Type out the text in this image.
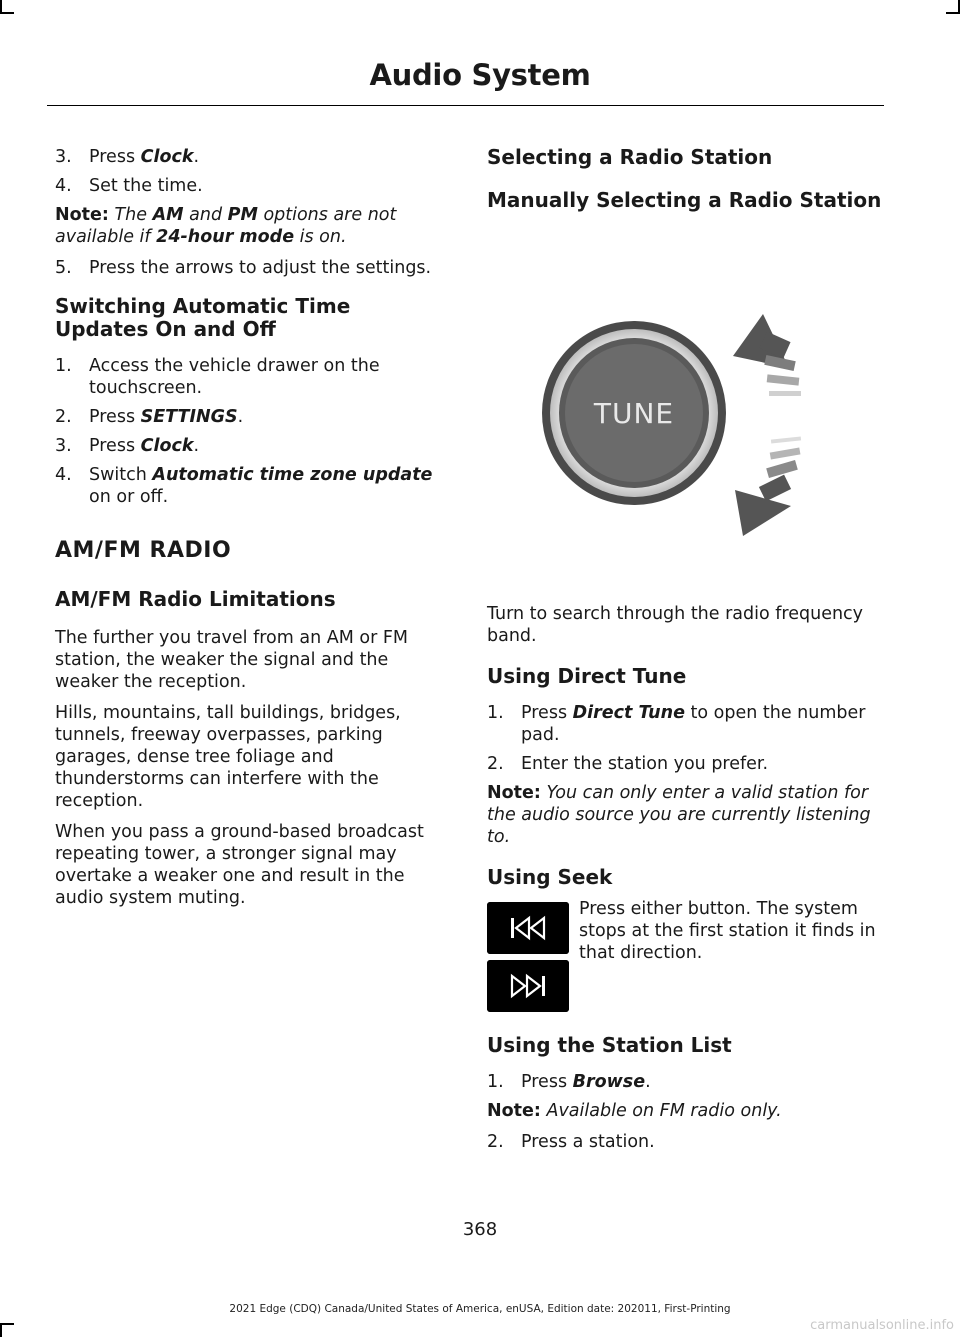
Audio System
3. Press Clock.
4. Set the time.
Note: The AM and PM options are not available if 24-hour mode is on.
5. Press the arrows to adjust the settings.
Switching Automatic Time Updates On and Off
1. Access the vehicle drawer on the touchscreen.
2. Press SETTINGS.
3. Press Clock.
4. Switch Automatic time zone update on or off.
AM/FM RADIO
AM/FM Radio Limitations

The further you travel from an AM or FM station, the weaker the signal and the weaker the reception.

Hills, mountains, tall buildings, bridges, tunnels, freeway overpasses, parking garages, dense tree foliage and thunderstorms can interfere with the reception.

When you pass a ground-based broadcast repeating tower, a stronger signal may overtake a weaker one and result in the audio system muting.

Selecting a Radio Station
Manually Selecting a Radio Station
TUNE

Turn to search through the radio frequency band.

Using Direct Tune
1. Press Direct Tune to open the number pad.
2. Enter the station you prefer.
Note: You can only enter a valid station for the audio source you are currently listening to.
Using Seek
Press either button. The system stops at the first station it finds in that direction.
Using the Station List
1. Press Browse.
Note: Available on FM radio only.
2. Press a station.
368
2021 Edge (CDQ) Canada/United States of America, enUSA, Edition date: 202011, First-Printing
carmanualsonline.info
